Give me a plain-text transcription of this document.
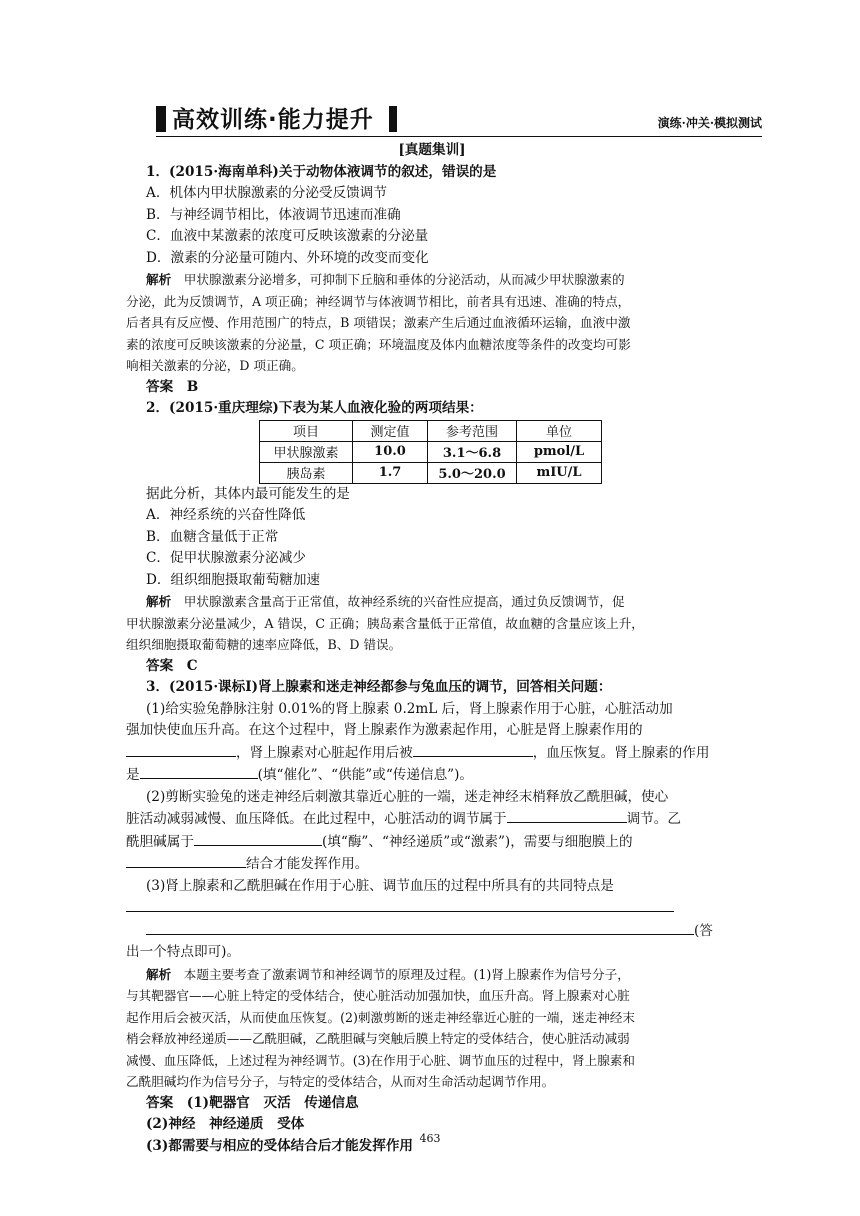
高效训练·能力提升	演练·冲关·模拟测试
[真题集训]
1．(2015·海南单科)关于动物体液调节的叙述，错误的是
A．机体内甲状腺激素的分泌受反馈调节
B．与神经调节相比，体液调节迅速而准确
C．血液中某激素的浓度可反映该激素的分泌量
D．激素的分泌量可随内、外环境的改变而变化
解析　 甲状腺激素分泌增多，可抑制下丘脑和垂体的分泌活动，从而减少甲状腺激素的
分泌，此为反馈调节，A 项正确；神经调节与体液调节相比，前者具有迅速、准确的特点，
后者具有反应慢、作用范围广的特点，B 项错误；激素产生后通过血液循环运输，血液中激
素的浓度可反映该激素的分泌量，C 项正确；环境温度及体内血糖浓度等条件的改变均可影
响相关激素的分泌，D 项正确。
答案　 B
2．(2015·重庆理综)下表为某人血液化验的两项结果：
项目	测定值	参考范围	单位
甲状腺激素	10.0	3.1～6.8	pmol/L
胰岛素	1.7	5.0～20.0	mIU/L
据此分析，其体内最可能发生的是
A．神经系统的兴奋性降低
B．血糖含量低于正常
C．促甲状腺激素分泌减少
D．组织细胞摄取葡萄糖加速
解析　 甲状腺激素含量高于正常值，故神经系统的兴奋性应提高，通过负反馈调节，促
甲状腺激素分泌量减少，A 错误，C 正确；胰岛素含量低于正常值，故血糖的含量应该上升，
组织细胞摄取葡萄糖的速率应降低，B、D 错误。
答案　 C
3．(2015·课标Ⅰ)肾上腺素和迷走神经都参与兔血压的调节，回答相关问题：
(1)给实验兔静脉注射 0.01%的肾上腺素 0.2mL 后，肾上腺素作用于心脏，心脏活动加
强加快使血压升高。在这个过程中，肾上腺素作为激素起作用，心脏是肾上腺素作用的
，肾上腺素对心脏起作用后被	，血压恢复。肾上腺素的作用
是	(填“催化”、“供能”或“传递信息”)。
(2)剪断实验兔的迷走神经后刺激其靠近心脏的一端，迷走神经末梢释放乙酰胆碱，使心
脏活动减弱减慢、血压降低。在此过程中，心脏活动的调节属于	调节。乙
酰胆碱属于	(填“酶”、“神经递质”或“激素”)，需要与细胞膜上的
结合才能发挥作用。
(3)肾上腺素和乙酰胆碱在作用于心脏、调节血压的过程中所具有的共同特点是
(答
出一个特点即可)。
解析　 本题主要考查了激素调节和神经调节的原理及过程。(1)肾上腺素作为信号分子，
与其靶器官——心脏上特定的受体结合，使心脏活动加强加快，血压升高。肾上腺素对心脏
起作用后会被灭活，从而使血压恢复。(2)刺激剪断的迷走神经靠近心脏的一端，迷走神经末
梢会释放神经递质——乙酰胆碱，乙酰胆碱与突触后膜上特定的受体结合，使心脏活动减弱
减慢、血压降低，上述过程为神经调节。(3)在作用于心脏、调节血压的过程中，肾上腺素和
乙酰胆碱均作为信号分子，与特定的受体结合，从而对生命活动起调节作用。
答案　 (1)靶器官　灭活　传递信息
(2)神经　神经递质　受体
(3)都需要与相应的受体结合后才能发挥作用 463
